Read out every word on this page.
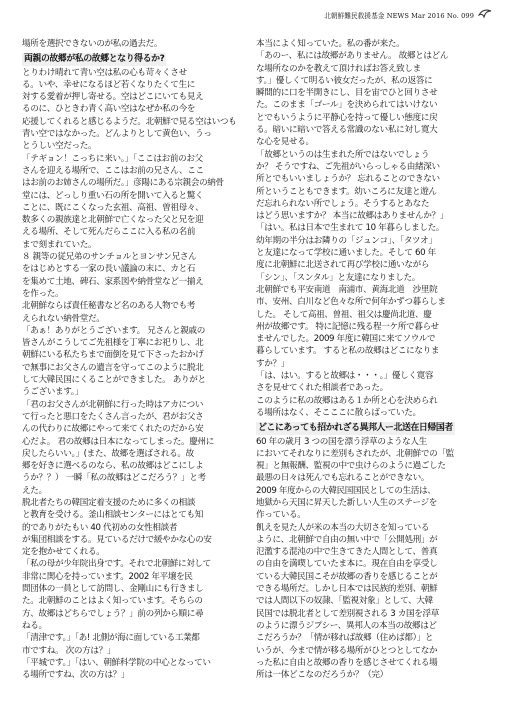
北朝鮮難民救援基金 NEWS Mar 2016 No. 099
場所を選択できないのが私の過去だ。
両親の故郷が私の故郷となり得るか?
とりわけ晴れて青い空は私の心も苛々くさせ
る。いや、幸せになるほど若くなりたくて生に
対する愛着が押し寄せる。空はどこにいても見え
るのに、ひときわ青く高い空はなぜか私の今を
応援してくれると感じるようだ。北朝鮮で見る空はいつも
青い空ではなかった。どんよりとして黄色い、うっ
とうしい空だった。
「テギョン！こっちに来い。」「ここはお前のお父
さんを迎える場所で、ここはお前の兄さん、ここ
はお前のお姉さんの場所だ。」彦陽にある宗親会の納骨
堂には、どっしり重い石の所を開いて入ると驚く
ことに、既にこくなった玄祖、高祖、曽祖母々、
数多くの親族達と北朝鮮で亡くなった父と兄を迎
える場所、そして死んだらここに入る私の名前
まで刻まれていた。
８ 親等の従兄弟のサンチョルとヨンサン兄さん
をはじめとする一家の長い議論の末に、カと石
を集めて土地、碑石、家系図や納骨堂など一揃え
を作った。
北朝鮮ならば責任秘書など名のある人物でも考
えられない納骨堂だ。
「あぁ！ありがとうございます。 兄さんと親戚の
皆さんがこうしてご先祖様を丁寧にお祀りし、北
朝鮮にいる私たちまで面倒を見て下さったおかげ
で無事にお父さんの遺言を守ってこのように脱北
して大韓民国にくることができました。 ありがと
うございます。」
「君のお父さんが北朝鮮に行った時はアカについ
て行ったと悪口をたくさん言ったが、君がお父さ
んの代わりに故郷にやって来てくれたのだから安
心だよ。 君の故郷は日本になってしまった。慶州に
戻したらいい。」(また、故郷を選ばされる。故
郷を好きに選べるのなら、私の故郷はどこにしよ
うか？？） 一瞬「私の故郷はどこだろう？」と考
えた。
脱北者たちの韓国定着支援のために多くの相談
と教育を受ける。釜山相談センターにはとても知
的でありがたもい 40 代初めの女性相談者
が集団相談をする。見ているだけで緩やかな心の安
定を抱かせてくれる。
「私の母が少年院出身です。それで北朝鮮に対して
非常に関心を持っています。2002 年平壌を民
間団体の一員として訪問し、金剛山にも行きまし
た。北朝鮮のことはよく知っています。そちらの
方、故郷はどちらでしょう？」前の列から順に尋
ねる。
「清津です。」「あ! 北側が海に面している工業都
市ですね。 次の方は？」
「平城です。」「はい、朝鮮科学院の中心となってい
る場所ですね、次の方は？」
本当によく知っていた。私の番が来た。
「あのー、私には故郷がありません。 故郷とはどん
な場所なのかを教えて頂ければお答え致しま
す。」優しくて明るい彼女だったが、私の返答に
瞬間的に口を半開きにし、目を宙でひと回りさせ
た。このまま「ゴール」を決められてはいけない
とでもいうように平静心を持って優しい態度に戻
る。暗いに暗いで答える常識のない私に対し寛大
な心を見せる。
「故郷というのは生まれた所ではないでしょう
か？ そうですね、ご先祖がいらっしゃる由緒深い
所とでもいいましょうか？ 忘れることのできない
所ということもできます。幼いころに友達と遊ん
だ忘れられない所でしょう。そうするとあなた
はどう思いますか？ 本当に故郷はありませんか？」
「はい。私は日本で生まれて 10 年暮らしました。
幼年期の半分はお隣りの「ジュンコ」、「タツオ」
と友達になって学校に通いました。そして 60 年
度に北朝鮮に北送されて再び学校に通いながら
「シン」、「スンタル」と友達になりました。
北朝鮮でも平安南道　南浦市、黄海北道　沙里院
市、安州、白川など色々な所で何年かずつ暮らしま
した。 そして高祖、曽祖、祖父は慶尚北道、慶
州が故郷です。 特に記憶に残る程一ケ所で暮らせ
ませんでした。2009 年度に韓国に来てソウルで
暮らしています。 すると私の故郷はどこになりま
すか？」
「は、はい。すると故郷は・・・。」優しく寛容
さを見せてくれた相談者であった。
このように私の故郷はある１か所と心を決められ
る場所はなく、そこここに散らばっていた。
どこにあっても招かれざる異邦人ー北送在日帰国者
60 年の歳月 3 つの国を漂う浮草のような人生
においてそれなりに差別もされたが、北朝鮮での「監
視」と無報酬、監視の中で虫けらのように過ごした
最悪の日々は死んでも忘れることができない。
2009 年度からの大韓民国国民としての生活は、
地獄から天国に昇天した新しい人生のステージを
作っている。
飢えを見た人が米の本当の大切さを知っている
ように、北朝鮮で自由の無い中で「公開処刑」が
氾濫する混沌の中で生きてきた人間として、普真
の自由を満喫していたま本に。現在自由を享受し
ている大韓民国こそが故郷の香りを感じることが
できる場所だ。しかし日本では民族的差別、朝鮮
では人間以下の奴隷、「監視対象」として、大韓
民国では脱北者として差別視される 3 カ国を浮草
のように漂うジプシー、異邦人の本当の故郷はど
こだろうか？「情が移れば故郷（住めば都）」と
いうが、今まで情が移る場所がひとつとしてなか
った私に自由と故郷の香りを感じさせてくれる場
所は一体どこなのだろうか？（完）
